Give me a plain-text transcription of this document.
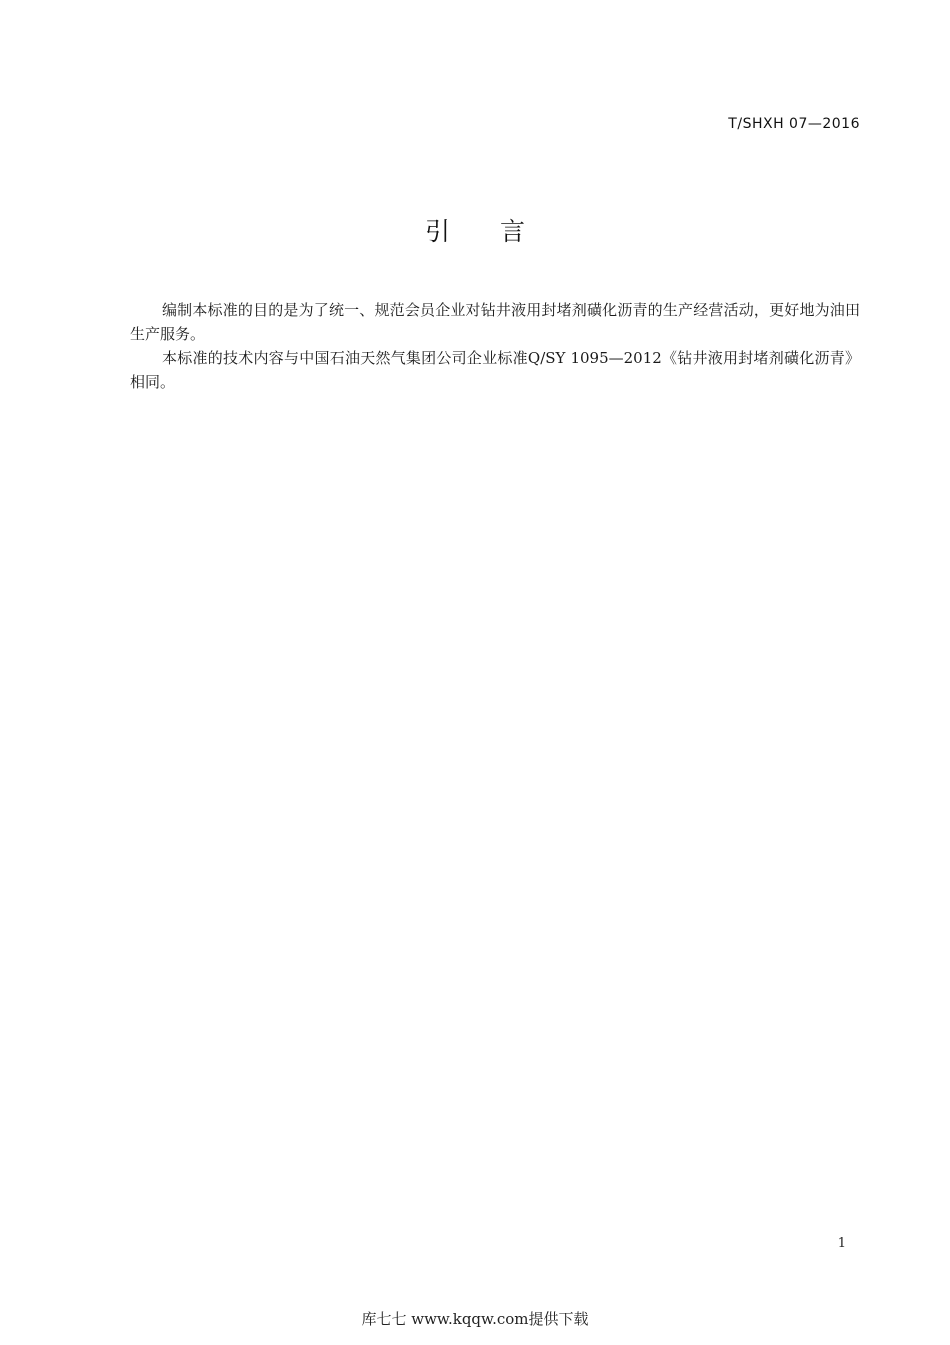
T/SHXH 07—2016
引　　言

编制本标准的目的是为了统一、规范会员企业对钻井液用封堵剂磺化沥青的生产经营活动，更好地为油田生产服务。

本标准的技术内容与中国石油天然气集团公司企业标准Q/SY 1095—2012《钻井液用封堵剂磺化沥青》相同。

1
库七七 www.kqqw.com提供下载
